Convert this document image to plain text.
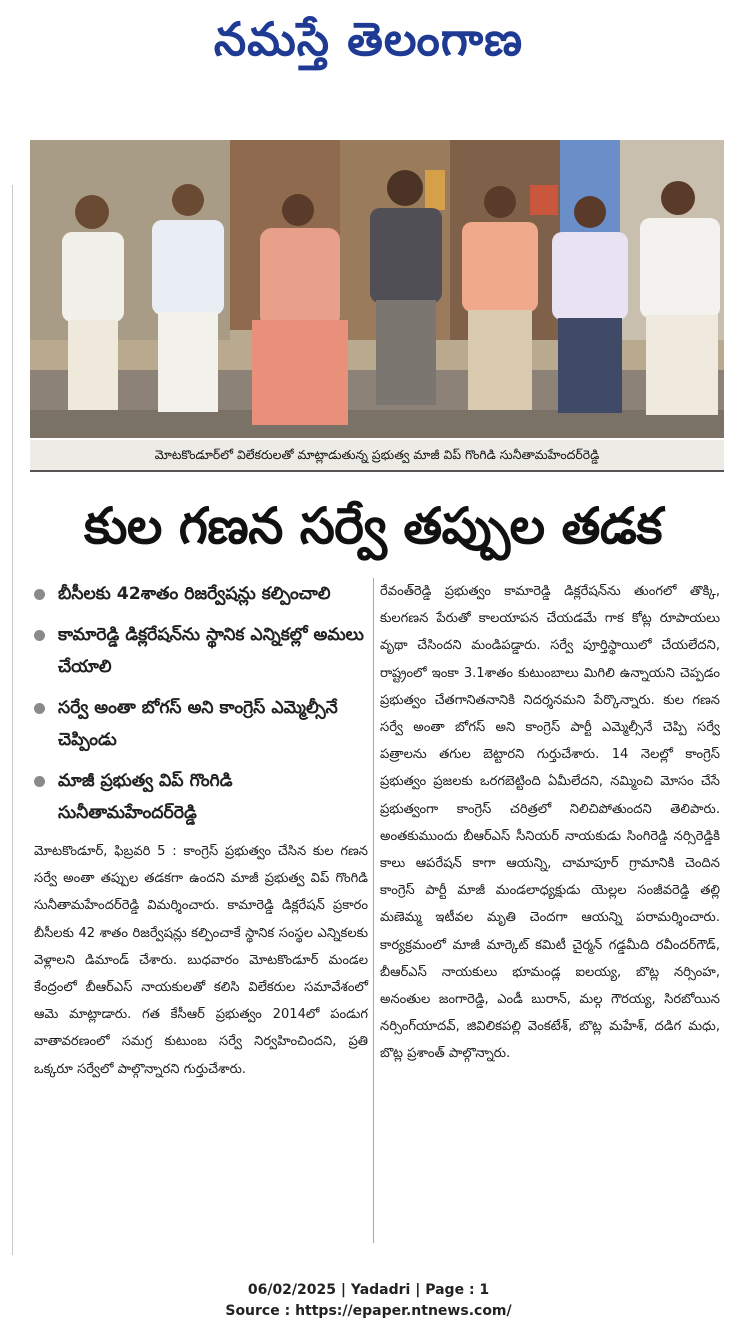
నమస్తే తెలంగాణ
మోటకొండూర్‌లో విలేకరులతో మాట్లాడుతున్న ప్రభుత్వ మాజీ విప్ గొంగిడి సునీతామహేందర్‌రెడ్డి
కుల గణన సర్వే తప్పుల తడక
బీసీలకు 42శాతం రిజర్వేషన్లు కల్పించాలి
కామారెడ్డి డిక్లరేషన్‌ను స్థానిక ఎన్నికల్లో అమలు చేయాలి
సర్వే అంతా బోగస్ అని కాంగ్రెస్ ఎమ్మెల్సీనే చెప్పిండు
మాజీ ప్రభుత్వ విప్ గొంగిడి సునీతామహేందర్‌రెడ్డి

మోటకొండూర్, ఫిబ్రవరి 5 : కాంగ్రెస్ ప్రభుత్వం చేసిన కుల గణన సర్వే అంతా తప్పుల తడకగా ఉందని మాజీ ప్రభుత్వ విప్ గొంగిడి సునీతామహేందర్‌రెడ్డి విమర్శించారు. కామారెడ్డి డిక్లరేషన్ ప్రకారం బీసీలకు 42 శాతం రిజర్వేషన్లు కల్పించాకే స్థానిక సంస్థల ఎన్నికలకు వెళ్లాలని డిమాండ్ చేశారు. బుధవారం మోటకొండూర్ మండల కేంద్రంలో బీఆర్‌ఎస్ నాయకులతో కలిసి విలేకరుల సమావేశంలో ఆమె మాట్లాడారు. గత కేసీఆర్ ప్రభుత్వం 2014లో పండుగ వాతావరణంలో సమగ్ర కుటుంబ సర్వే నిర్వహించిందని, ప్రతి ఒక్కరూ సర్వేలో పాల్గొన్నారని గుర్తుచేశారు.

రేవంత్‌రెడ్డి ప్రభుత్వం కామారెడ్డి డిక్లరేషన్‌ను తుంగలో తొక్కి, కులగణన పేరుతో కాలయాపన చేయడమే గాక కోట్ల రూపాయలు వృథా చేసిందని మండిపడ్డారు. సర్వే పూర్తిస్థాయిలో చేయలేదని, రాష్ట్రంలో ఇంకా 3.1శాతం కుటుంబాలు మిగిలి ఉన్నాయని చెప్పడం ప్రభుత్వం చేతగానితనానికి నిదర్శనమని పేర్కొన్నారు. కుల గణన సర్వే అంతా బోగస్ అని కాంగ్రెస్ పార్టీ ఎమ్మెల్సీనే చెప్పి సర్వే పత్రాలను తగుల బెట్టారని గుర్తుచేశారు. 14 నెలల్లో కాంగ్రెస్ ప్రభుత్వం ప్రజలకు ఒరగబెట్టింది ఏమీలేదని, నమ్మించి మోసం చేసే ప్రభుత్వంగా కాంగ్రెస్ చరిత్రలో నిలిచిపోతుందని తెలిపారు. అంతకుముందు బీఆర్‌ఎస్ సీనియర్ నాయకుడు సింగిరెడ్డి నర్సిరెడ్డికి కాలు ఆపరేషన్ కాగా ఆయన్ని, చామాపూర్ గ్రామానికి చెందిన కాంగ్రెస్ పార్టీ మాజీ మండలాధ్యక్షుడు యెల్లల సంజీవరెడ్డి తల్లి మణెమ్మ ఇటీవల మృతి చెందగా ఆయన్ని పరామర్శించారు. కార్యక్రమంలో మాజీ మార్కెట్ కమిటీ చైర్మన్ గడ్డమీది రవీందర్‌గౌడ్, బీఆర్‌ఎస్ నాయకులు భూమండ్ల ఐలయ్య, బొట్ల నర్సింహ, అనంతుల జంగారెడ్డి, ఎండీ బురాన్, మల్గ గౌరయ్య, సిరబోయిన నర్సింగ్‌యాదవ్, జివిలికపల్లి వెంకటేశ్, బొట్ల మహేశ్, దడిగ మధు, బొట్ల ప్రశాంత్ పాల్గొన్నారు.

06/02/2025 | Yadadri | Page : 1
Source : https://epaper.ntnews.com/
